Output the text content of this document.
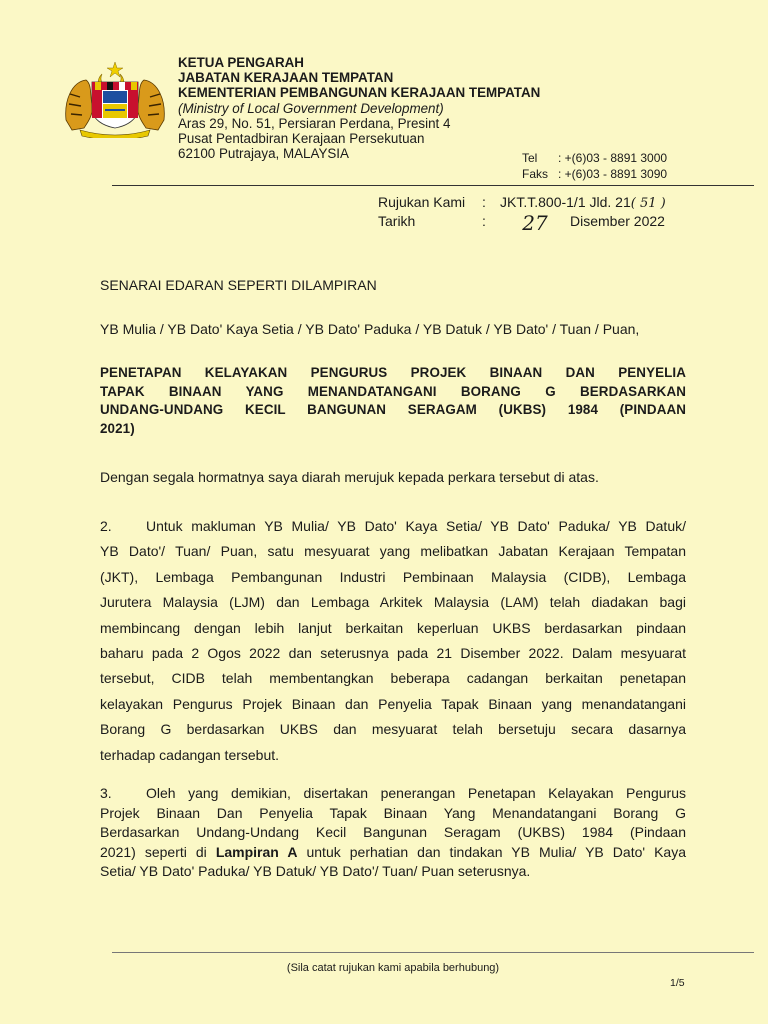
KETUA PENGARAH
JABATAN KERAJAAN TEMPATAN
KEMENTERIAN PEMBANGUNAN KERAJAAN TEMPATAN
(Ministry of Local Government Development)
Aras 29, No. 51, Persiaran Perdana, Presint 4
Pusat Pentadbiran Kerajaan Persekutuan
62100 Putrajaya, MALAYSIA	Tel : +(6)03 - 8891 3000
Faks : +(6)03 - 8891 3090
Rujukan Kami : JKT.T.800-1/1 Jld. 21( 51 )
Tarikh	: 27 Disember 2022
SENARAI EDARAN SEPERTI DILAMPIRAN
YB Mulia / YB Dato' Kaya Setia / YB Dato' Paduka / YB Datuk / YB Dato' / Tuan / Puan,
PENETAPAN KELAYAKAN PENGURUS PROJEK BINAAN DAN PENYELIA
TAPAK BINAAN YANG MENANDATANGANI BORANG G BERDASARKAN
UNDANG-UNDANG KECIL BANGUNAN SERAGAM (UKBS) 1984 (PINDAAN
2021)
Dengan segala hormatnya saya diarah merujuk kepada perkara tersebut di atas.
2. Untuk makluman YB Mulia/ YB Dato' Kaya Setia/ YB Dato' Paduka/ YB Datuk/
YB Dato'/ Tuan/ Puan, satu mesyuarat yang melibatkan Jabatan Kerajaan Tempatan
(JKT), Lembaga Pembangunan Industri Pembinaan Malaysia (CIDB), Lembaga
Jurutera Malaysia (LJM) dan Lembaga Arkitek Malaysia (LAM) telah diadakan bagi
membincang dengan lebih lanjut berkaitan keperluan UKBS berdasarkan pindaan
baharu pada 2 Ogos 2022 dan seterusnya pada 21 Disember 2022. Dalam mesyuarat
tersebut, CIDB telah membentangkan beberapa cadangan berkaitan penetapan
kelayakan Pengurus Projek Binaan dan Penyelia Tapak Binaan yang menandatangani
Borang G berdasarkan UKBS dan mesyuarat telah bersetuju secara dasarnya
terhadap cadangan tersebut.
3. Oleh yang demikian, disertakan penerangan Penetapan Kelayakan Pengurus
Projek Binaan Dan Penyelia Tapak Binaan Yang Menandatangani Borang G
Berdasarkan Undang-Undang Kecil Bangunan Seragam (UKBS) 1984 (Pindaan
2021) seperti di Lampiran A untuk perhatian dan tindakan YB Mulia/ YB Dato' Kaya
Setia/ YB Dato' Paduka/ YB Datuk/ YB Dato'/ Tuan/ Puan seterusnya.
(Sila catat rujukan kami apabila berhubung)
1/5
